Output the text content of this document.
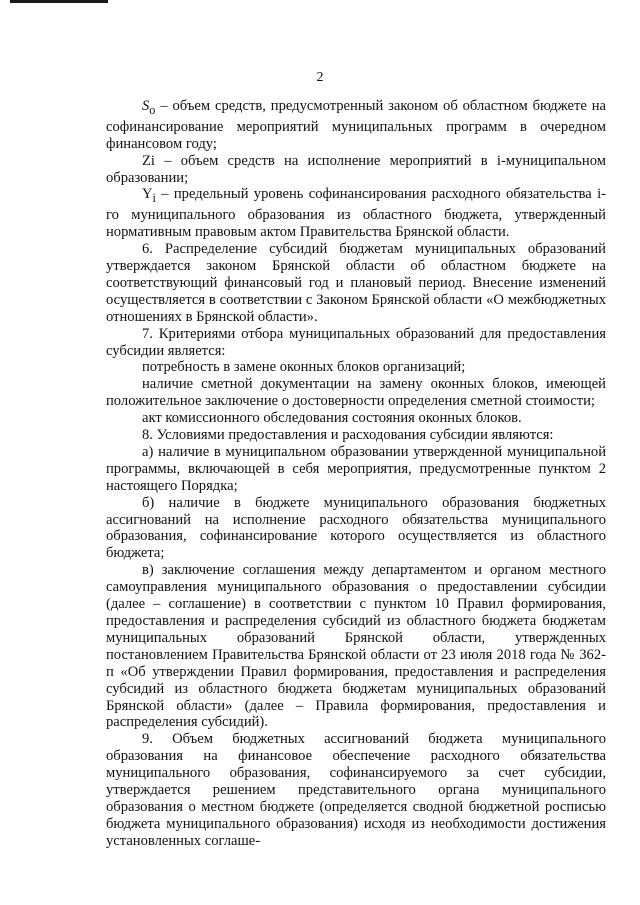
2

$S_o$ – объем средств, предусмотренный законом об областном бюджете на софинансирование мероприятий муниципальных программ в очередном финансовом году;

Zi – объем средств на исполнение мероприятий в i-муниципальном образовании;

$Y_i$ – предельный уровень софинансирования расходного обязательства i-го муниципального образования из областного бюджета, утвержденный нормативным правовым актом Правительства Брянской области.

6. Распределение субсидий бюджетам муниципальных образований утверждается законом Брянской области об областном бюджете на соответствующий финансовый год и плановый период. Внесение изменений осуществляется в соответствии с Законом Брянской области «О межбюджетных отношениях в Брянской области».

7. Критериями отбора муниципальных образований для предоставления субсидии является:

потребность в замене оконных блоков организаций;

наличие сметной документации на замену оконных блоков, имеющей положительное заключение о достоверности определения сметной стоимости;

акт комиссионного обследования состояния оконных блоков.

8. Условиями предоставления и расходования субсидии являются:

а) наличие в муниципальном образовании утвержденной муниципальной программы, включающей в себя мероприятия, предусмотренные пунктом 2 настоящего Порядка;

б) наличие в бюджете муниципального образования бюджетных ассигнований на исполнение расходного обязательства муниципального образования, софинансирование которого осуществляется из областного бюджета;

в) заключение соглашения между департаментом и органом местного самоуправления муниципального образования о предоставлении субсидии (далее – соглашение) в соответствии с пунктом 10 Правил формирования, предоставления и распределения субсидий из областного бюджета бюджетам муниципальных образований Брянской области, утвержденных постановлением Правительства Брянской области от 23 июля 2018 года № 362-п «Об утверждении Правил формирования, предоставления и распределения субсидий из областного бюджета бюджетам муниципальных образований Брянской области» (далее – Правила формирования, предоставления и распределения субсидий).

9. Объем бюджетных ассигнований бюджета муниципального образования на финансовое обеспечение расходного обязательства муниципального образования, софинансируемого за счет субсидии, утверждается решением представительного органа муниципального образования о местном бюджете (определяется сводной бюджетной росписью бюджета муниципального образования) исходя из необходимости достижения установленных соглаше-
